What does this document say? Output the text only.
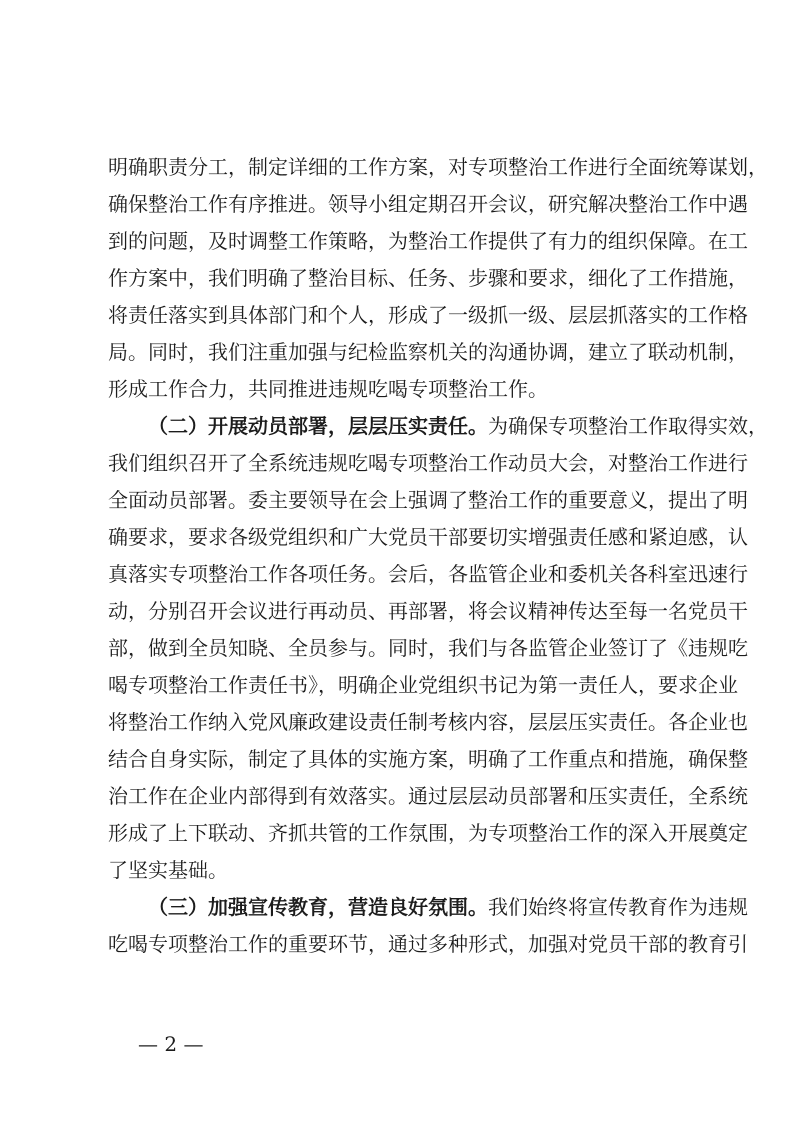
明确职责分工，制定详细的工作方案，对专项整治工作进行全面统筹谋划，
确保整治工作有序推进。领导小组定期召开会议，研究解决整治工作中遇
到的问题，及时调整工作策略，为整治工作提供了有力的组织保障。在工
作方案中，我们明确了整治目标、任务、步骤和要求，细化了工作措施，
将责任落实到具体部门和个人，形成了一级抓一级、层层抓落实的工作格
局。同时，我们注重加强与纪检监察机关的沟通协调，建立了联动机制，
形成工作合力，共同推进违规吃喝专项整治工作。
（二）开展动员部署，层层压实责任。为确保专项整治工作取得实效，
我们组织召开了全系统违规吃喝专项整治工作动员大会，对整治工作进行
全面动员部署。委主要领导在会上强调了整治工作的重要意义，提出了明
确要求，要求各级党组织和广大党员干部要切实增强责任感和紧迫感，认
真落实专项整治工作各项任务。会后，各监管企业和委机关各科室迅速行
动，分别召开会议进行再动员、再部署，将会议精神传达至每一名党员干
部，做到全员知晓、全员参与。同时，我们与各监管企业签订了《违规吃
喝专项整治工作责任书》，明确企业党组织书记为第一责任人，要求企业
将整治工作纳入党风廉政建设责任制考核内容，层层压实责任。各企业也
结合自身实际，制定了具体的实施方案，明确了工作重点和措施，确保整
治工作在企业内部得到有效落实。通过层层动员部署和压实责任，全系统
形成了上下联动、齐抓共管的工作氛围，为专项整治工作的深入开展奠定
了坚实基础。
（三）加强宣传教育，营造良好氛围。我们始终将宣传教育作为违规
吃喝专项整治工作的重要环节，通过多种形式，加强对党员干部的教育引
— 2 —
